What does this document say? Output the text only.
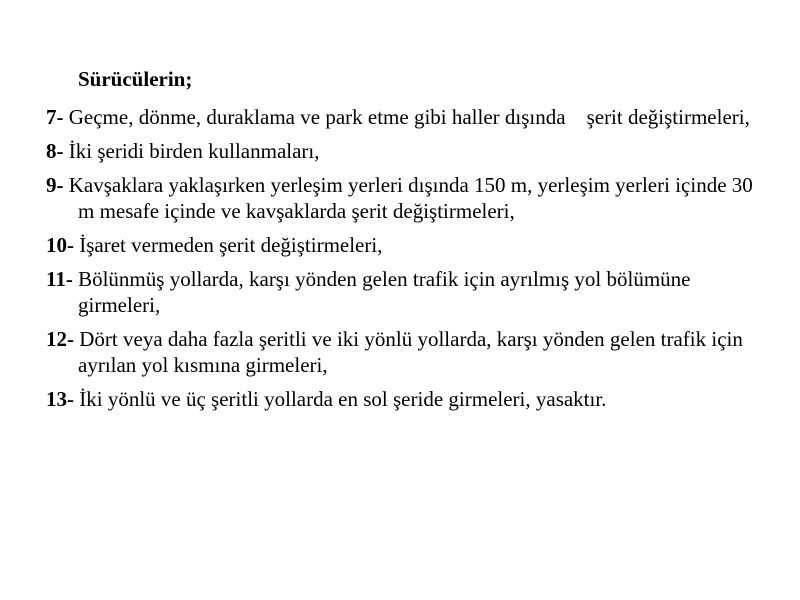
Sürücülerin;
7- Geçme, dönme, duraklama ve park etme gibi haller dışında    şerit değiştirmeleri,
8- İki şeridi birden kullanmaları,
9- Kavşaklara yaklaşırken yerleşim yerleri dışında 150 m, yerleşim yerleri içinde 30 m mesafe içinde ve kavşaklarda şerit değiştirmeleri,
10- İşaret vermeden şerit değiştirmeleri,
11- Bölünmüş yollarda, karşı yönden gelen trafik için ayrılmış yol bölümüne girmeleri,
12- Dört veya daha fazla şeritli ve iki yönlü yollarda, karşı yönden gelen trafik için ayrılan yol kısmına girmeleri,
13- İki yönlü ve üç şeritli yollarda en sol şeride girmeleri, yasaktır.
